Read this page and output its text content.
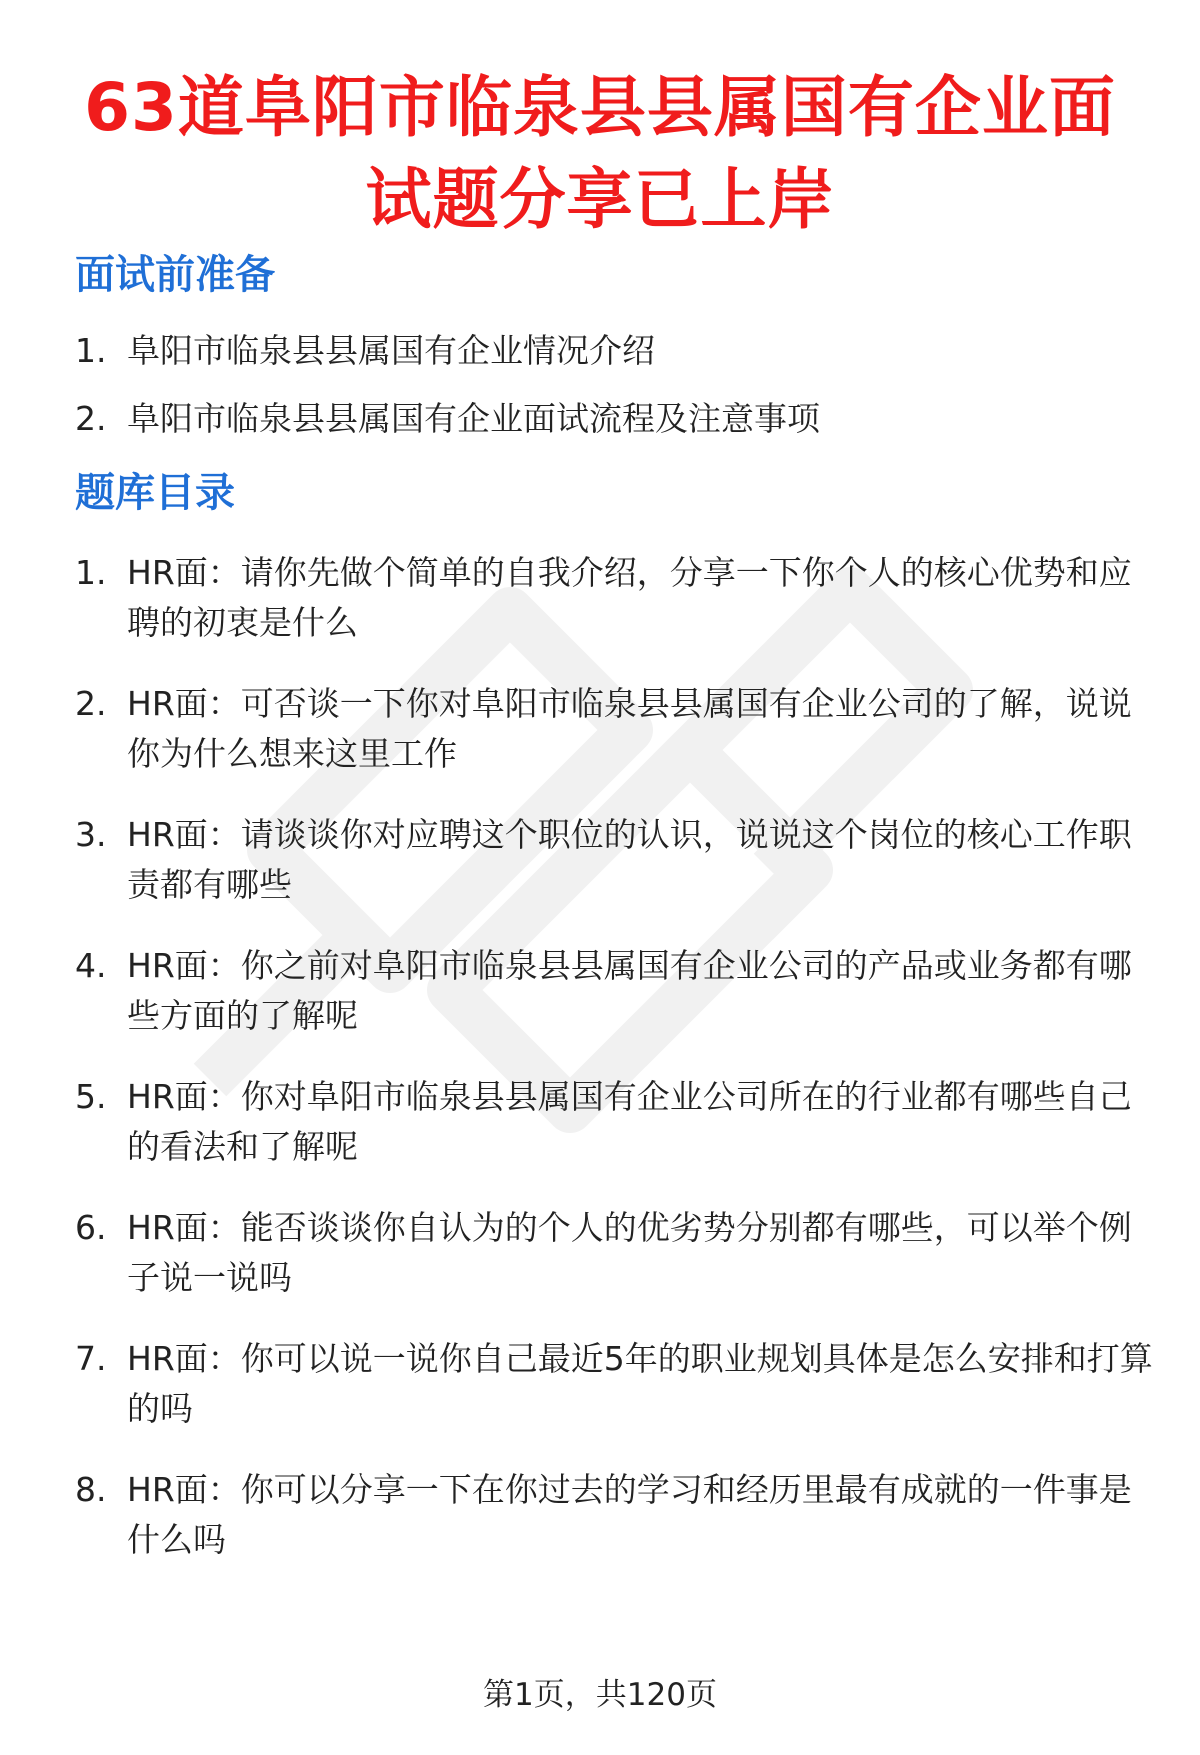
63道阜阳市临泉县县属国有企业面试题分享已上岸
面试前准备
1. 阜阳市临泉县县属国有企业情况介绍
2. 阜阳市临泉县县属国有企业面试流程及注意事项
题库目录
1. HR面：请你先做个简单的自我介绍，分享一下你个人的核心优势和应聘的初衷是什么
2. HR面：可否谈一下你对阜阳市临泉县县属国有企业公司的了解，说说你为什么想来这里工作
3. HR面：请谈谈你对应聘这个职位的认识，说说这个岗位的核心工作职责都有哪些
4. HR面：你之前对阜阳市临泉县县属国有企业公司的产品或业务都有哪些方面的了解呢
5. HR面：你对阜阳市临泉县县属国有企业公司所在的行业都有哪些自己的看法和了解呢
6. HR面：能否谈谈你自认为的个人的优劣势分别都有哪些，可以举个例子说一说吗
7. HR面：你可以说一说你自己最近5年的职业规划具体是怎么安排和打算的吗
8. HR面：你可以分享一下在你过去的学习和经历里最有成就的一件事是什么吗
第1页，共120页
